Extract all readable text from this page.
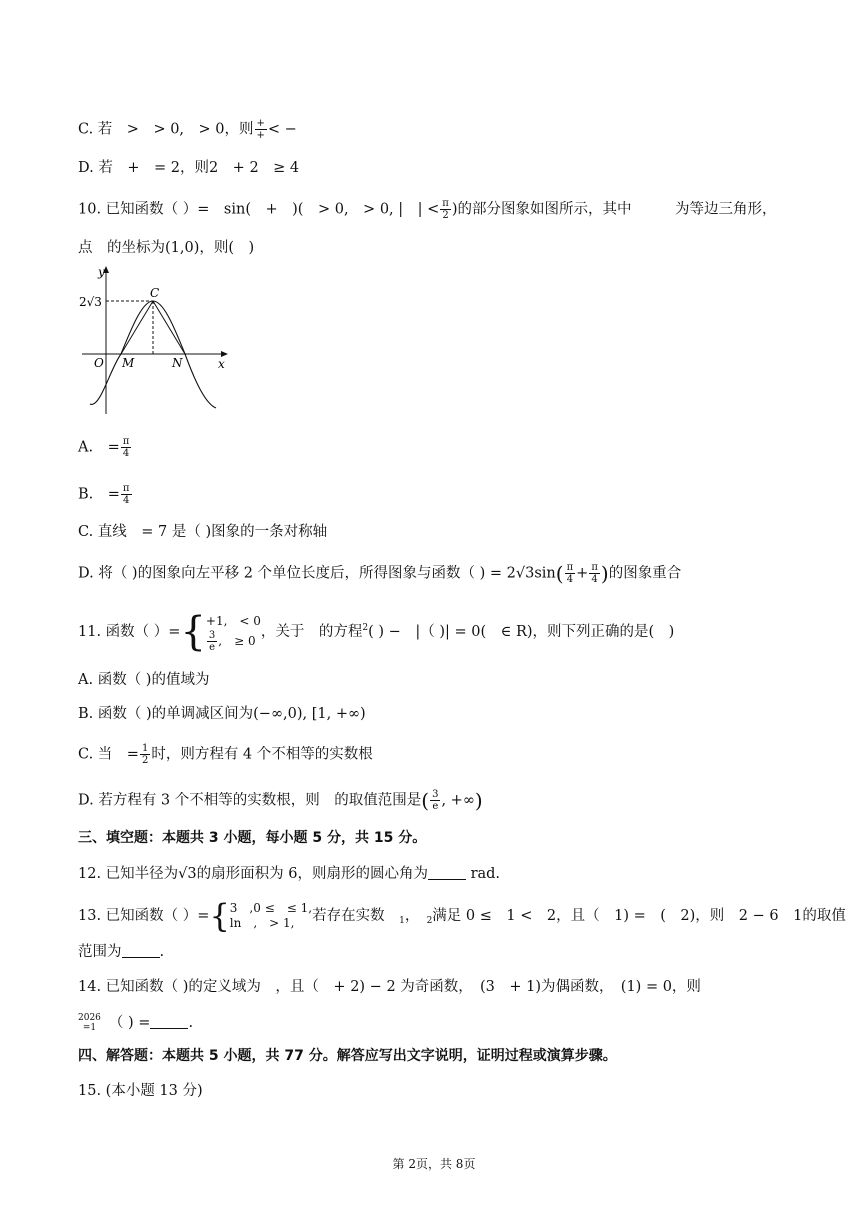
C. 若　>　> 0,　> 0，则 $\frac{+}{+}$ < −
D. 若　+　= 2，则2　+ 2　≥ 4
10. 已知函数（ ）=　sin(　+　)(　> 0,　> 0, |　| < $\frac{\pi}{2}$ )的部分图象如图所示，其中　　　为等边三角形，
点　的坐标为(1,0)，则(　)
y
x
2√3
O M	N
C
A.　= $\frac{\pi}{4}$
B.　= $\frac{\pi}{4}$
C. 直线　= 7 是（ )图象的一条对称轴
D. 将（ )的图象向左平移 2 个单位长度后，所得图象与函数（ ) = $2√3\sin( \frac{\pi}{4} + \frac{\pi}{4}$ )的图象重合
11. 函数（ ）={ +1,　< 0
$\frac{3}{e}$ ,　≥ 0
，关于　的方程$^2$( ) −　|（ )| = 0(　∈ R)，则下列正确的是(　)
A. 函数（ )的值域为
B. 函数（ )的单调减区间为(−∞,0), [1, +∞)
C. 当　= $\frac{1}{2}$ 时，则方程有 4 个不相等的实数根
D. 若方程有 3 个不相等的实数根，则　的取值范围是( $\frac{3}{e}$ , +∞)
三、填空题：本题共 3 小题，每小题 5 分，共 15 分。
12. 已知半径为√3的扇形面积为 6，则扇形的圆心角为	rad.
13. 已知函数（ ）={ 3　,0 ≤　≤ 1,
ln　,　> 1,	若存在实数　 $_1$，　 $_2$满足 0 ≤　1 <　2，且（　1) =　(　2)，则　2 − 6　1的取值
范围为	.
14. 已知函数（ )的定义域为　，且（　+ 2) − 2 为奇函数，　(3　+ 1)为偶函数，　(1) = 0，则
2026
=1 （ ) =	.
四、解答题：本题共 5 小题，共 77 分。解答应写出文字说明，证明过程或演算步骤。
15. (本小题 13 分)
第 2页，共 8页
